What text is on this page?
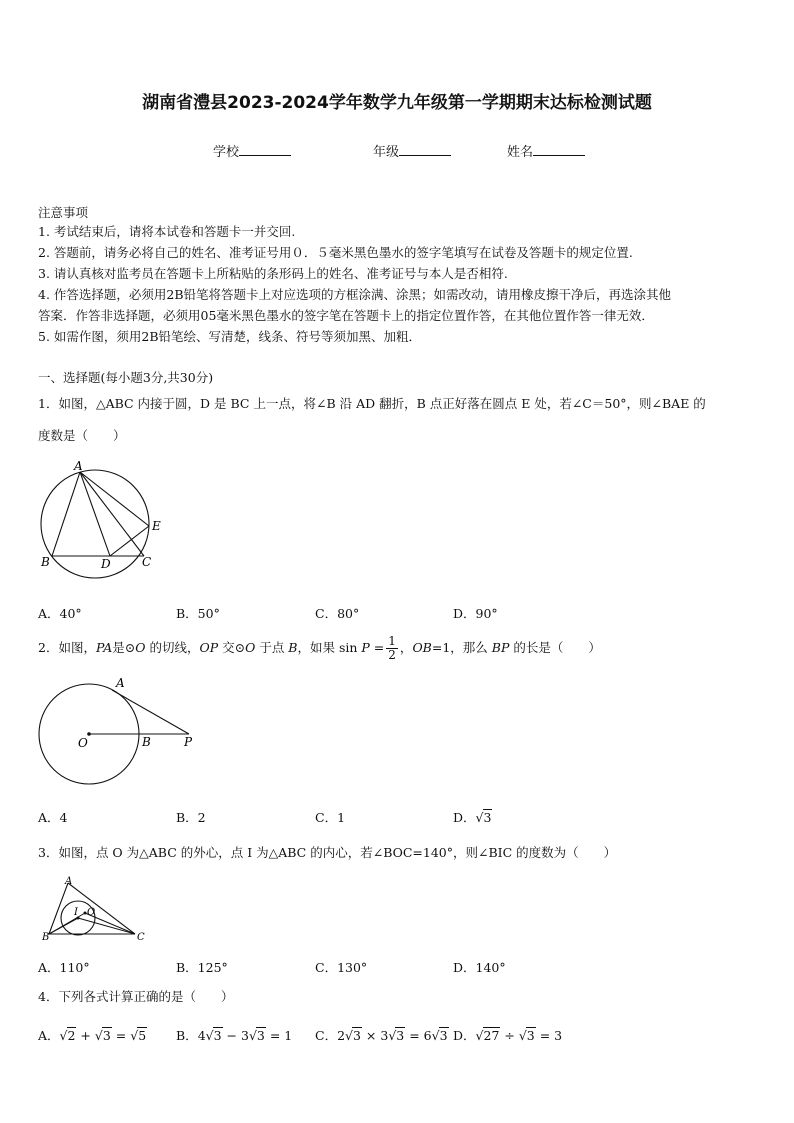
湖南省澧县2023-2024学年数学九年级第一学期期末达标检测试题
学校	年级	姓名
注意事项
1. 考试结束后，请将本试卷和答题卡一并交回.
2. 答题前，请务必将自己的姓名、准考证号用０．５毫米黑色墨水的签字笔填写在试卷及答题卡的规定位置.
3. 请认真核对监考员在答题卡上所粘贴的条形码上的姓名、准考证号与本人是否相符.
4. 作答选择题，必须用2B铅笔将答题卡上对应选项的方框涂满、涂黑；如需改动，请用橡皮擦干净后，再选涂其他
答案．作答非选择题，必须用05毫米黑色墨水的签字笔在答题卡上的指定位置作答，在其他位置作答一律无效．
5. 如需作图，须用2B铅笔绘、写清楚，线条、符号等须加黑、加粗．
一、选择题(每小题3分,共30分)
1．如图，△ABC 内接于圆，D 是 BC 上一点，将∠B 沿 AD 翻折，B 点正好落在圆点 E 处，若∠C＝50°，则∠BAE 的
度数是（　　）
A
B	D	C
E
A．40°	B．50°	C．80°	D．90°
2．如图，PA是⊙O 的切线，OP 交⊙O 于点 B，如果 $\sin P = \frac{1}{2}$ ，OB=1，那么 BP 的长是（　　）
O	B	P
A
A．4	B．2	C．1	D．√3
3．如图，点 O 为△ABC 的外心，点 I 为△ABC 的内心，若∠BOC=140°，则∠BIC 的度数为（　　）
A
B	C
I O
A．110°	B．125°	C．130°	D．140°
4．下列各式计算正确的是（　　）
A．√2 + √3 = √5 B．4√3 − 3√3 = 1 C．2√3 × 3√3 = 6√3 D．√27 ÷ √3 = 3
